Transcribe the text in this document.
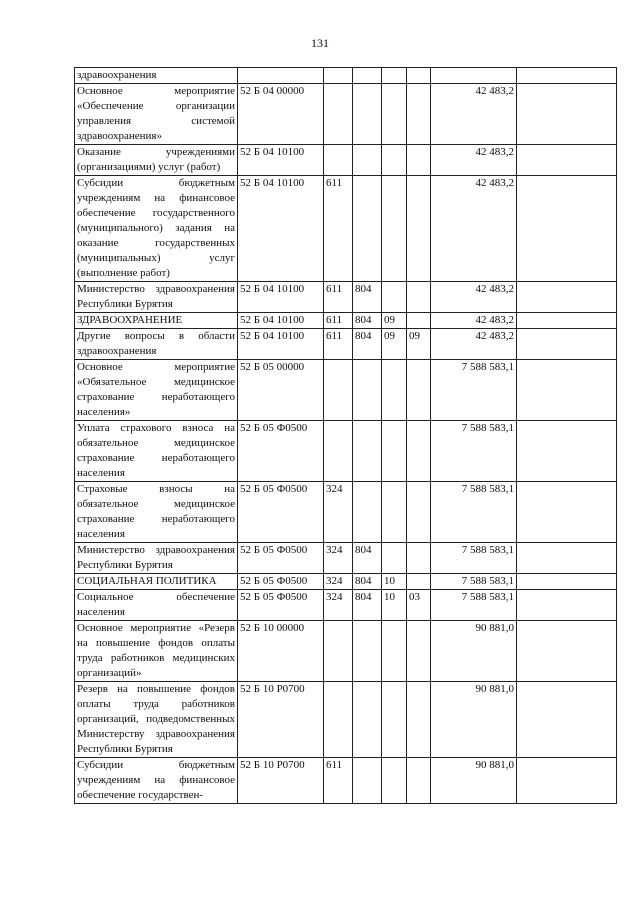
131
здравоохранения							
Основное мероприятие «Обеспечение организации управления системой здравоохранения»	52 Б 04 00000					42 483,2	
Оказание учреждениями (организациями) услуг (работ)	52 Б 04 10100					42 483,2	
Субсидии бюджетным учреждениям на финансовое обеспечение государственного (муниципального) задания на оказание государственных (муниципальных) услуг (выполнение работ)	52 Б 04 10100	611				42 483,2	
Министерство здравоохранения Республики Бурятия	52 Б 04 10100	611	804			42 483,2	
ЗДРАВООХРАНЕНИЕ	52 Б 04 10100	611	804	09		42 483,2	
Другие вопросы в области здравоохранения	52 Б 04 10100	611	804	09	09	42 483,2	
Основное мероприятие «Обязательное медицинское страхование неработающего населения»	52 Б 05 00000					7 588 583,1	
Уплата страхового взноса на обязательное медицинское страхование неработающего населения	52 Б 05 Ф0500					7 588 583,1	
Страховые взносы на обязательное медицинское страхование неработающего населения	52 Б 05 Ф0500	324				7 588 583,1	
Министерство здравоохранения Республики Бурятия	52 Б 05 Ф0500	324	804			7 588 583,1	
СОЦИАЛЬНАЯ ПОЛИТИКА	52 Б 05 Ф0500	324	804	10		7 588 583,1	
Социальное обеспечение населения	52 Б 05 Ф0500	324	804	10	03	7 588 583,1	
Основное мероприятие «Резерв на повышение фондов оплаты труда работников медицинских организаций»	52 Б 10 00000					90 881,0	
Резерв на повышение фондов оплаты труда работников организаций, подведомственных Министерству здравоохранения Республики Бурятия	52 Б 10 Р0700					90 881,0	
Субсидии бюджетным учреждениям на финансовое обеспечение государствен-	52 Б 10 Р0700	611				90 881,0	
